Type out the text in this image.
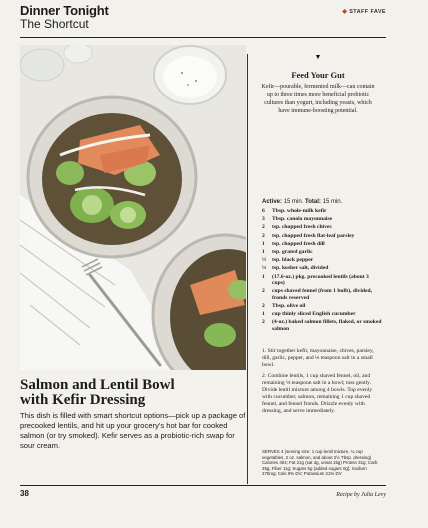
Dinner Tonight
The Shortcut
◆ STAFF FAVE
▼
Feed Your Gut
Kefir—pourable, fermented milk—can contain up to three times more beneficial probiotic cultures than yogurt, including yeasts, which have immune-boosting potential.
Active: 15 min. Total: 15 min.
6	Tbsp. whole-milk kefir
3	Tbsp. canola mayonnaise
2	tsp. chopped fresh chives
2	tsp. chopped fresh flat-leaf parsley
1	tsp. chopped fresh dill
1	tsp. grated garlic
½	tsp. black pepper
¼	tsp. kosher salt, divided
1	(17.6-oz.) pkg. precooked lentils (about 3 cups)
2	cups shaved fennel (from 1 bulb), divided, fronds reserved
2	Tbsp. olive oil
1	cup thinly sliced English cucumber
2	(4-oz.) baked salmon fillets, flaked, or smoked salmon

1. Stir together kefir, mayonnaise, chives, parsley, dill, garlic, pepper, and ⅛ teaspoon salt in a small bowl.

2. Combine lentils, 1 cup shaved fennel, oil, and remaining ⅛ teaspoon salt in a bowl; toss gently. Divide lentil mixture among 4 bowls. Top evenly with cucumber, salmon, remaining 1 cup shaved fennel, and fennel fronds. Drizzle evenly with dressing, and serve immediately.

SERVES 4 (serving size: 1 cup lentil mixture, ¼ cup vegetables, 2 oz. salmon, and about 2½ Tbsp. dressing) Calories 404; Fat 21g (sat 3g, unsat 15g) Protein 31g; Carb 25g; Fiber 11g; Sugars 5g (added sugars 0g); Sodium 275mg; Calc 9% DV; Potassium 21% DV
Salmon and Lentil Bowl
with Kefir Dressing
This dish is filled with smart shortcut options—pick up a package of precooked lentils, and hit up your grocery's hot bar for cooked salmon (or try smoked). Kefir serves as a probiotic-rich swap for sour cream.
38	Recipe by Julia Levy
